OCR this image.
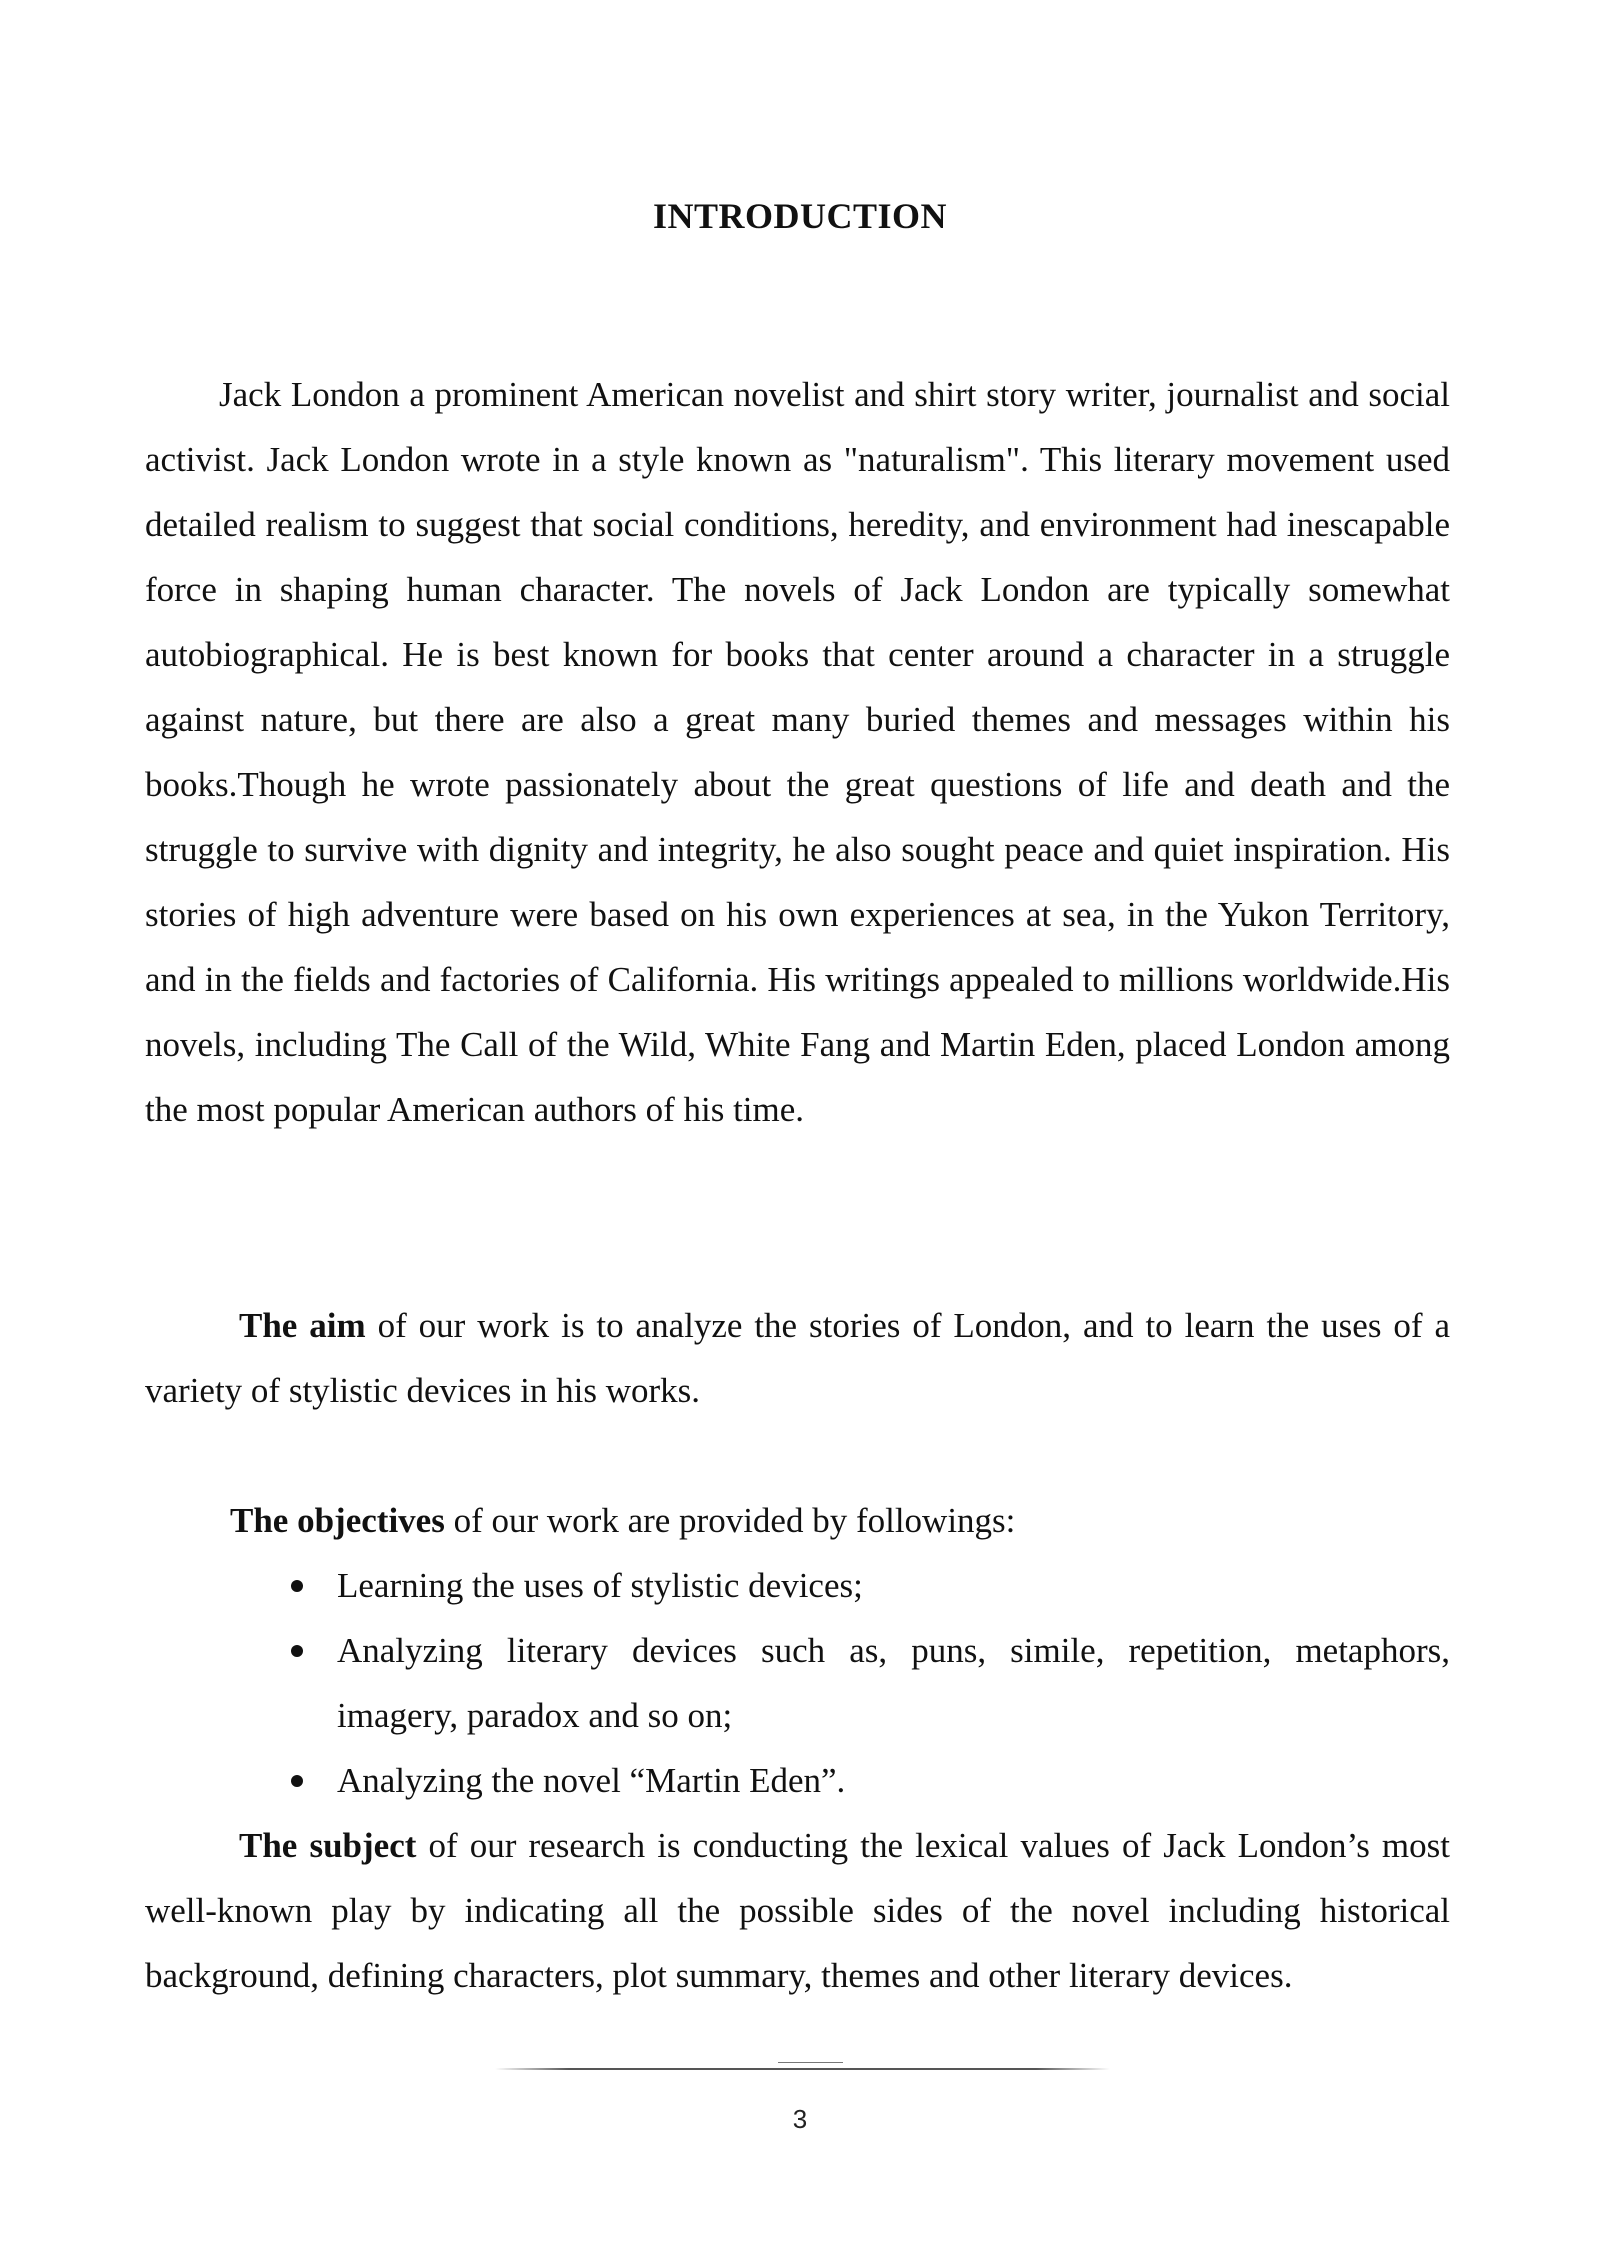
INTRODUCTION

Jack London a prominent American novelist and shirt story writer, journalist and social activist. Jack London wrote in a style known as "naturalism". This literary movement used detailed realism to suggest that social conditions, heredity, and environment had inescapable force in shaping human character. The novels of Jack London are typically somewhat autobiographical. He is best known for books that center around a character in a struggle against nature, but there are also a great many buried themes and messages within his books.Though he wrote passionately about the great questions of life and death and the struggle to survive with dignity and integrity, he also sought peace and quiet inspiration. His stories of high adventure were based on his own experiences at sea, in the Yukon Territory, and in the fields and factories of California. His writings appealed to millions worldwide.His novels, including The Call of the Wild, White Fang and Martin Eden, placed London among the most popular American authors of his time.

The aim of our work is to analyze the stories of London, and to learn the uses of a variety of stylistic devices in his works.

The objectives of our work are provided by followings:

Learning the uses of stylistic devices;
Analyzing literary devices such as, puns, simile, repetition, metaphors, imagery, paradox and so on;
Analyzing the novel “Martin Eden”.

The subject of our research is conducting the lexical values of Jack London’s most well-known play by indicating all the possible sides of the novel including historical background, defining characters, plot summary, themes and other literary devices.

3
